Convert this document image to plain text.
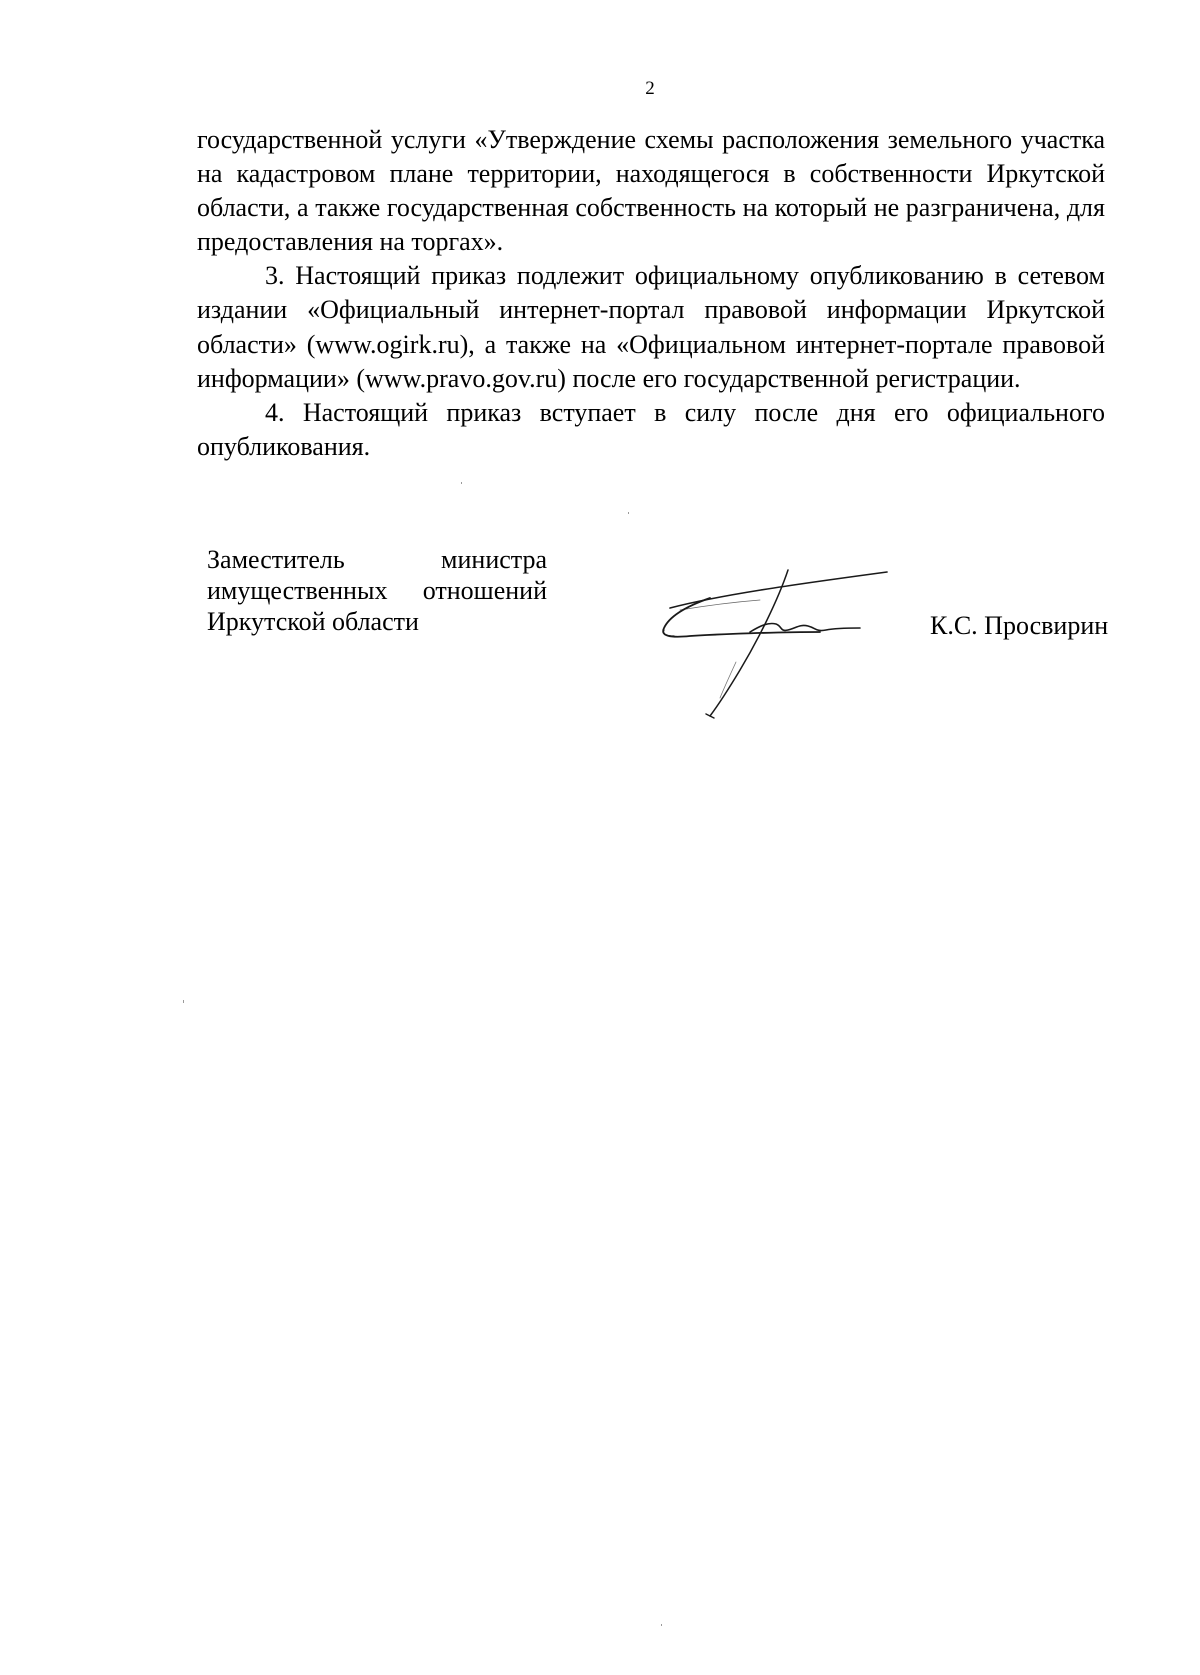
2

государственной услуги «Утверждение схемы расположения земельного участка на кадастровом плане территории, находящегося в собственности Иркутской области, а также государственная собственность на который не разграничена, для предоставления на торгах».

3. Настоящий приказ подлежит официальному опубликованию в сетевом издании «Официальный интернет-портал правовой информации Иркутской области» (www.ogirk.ru), а также на «Официальном интернет-портале правовой информации» (www.pravo.gov.ru) после его государственной регистрации.

4. Настоящий приказ вступает в силу после дня его официального опубликования.

Заместитель министра
имущественных отношений
Иркутской области	К.С. Просвирин
